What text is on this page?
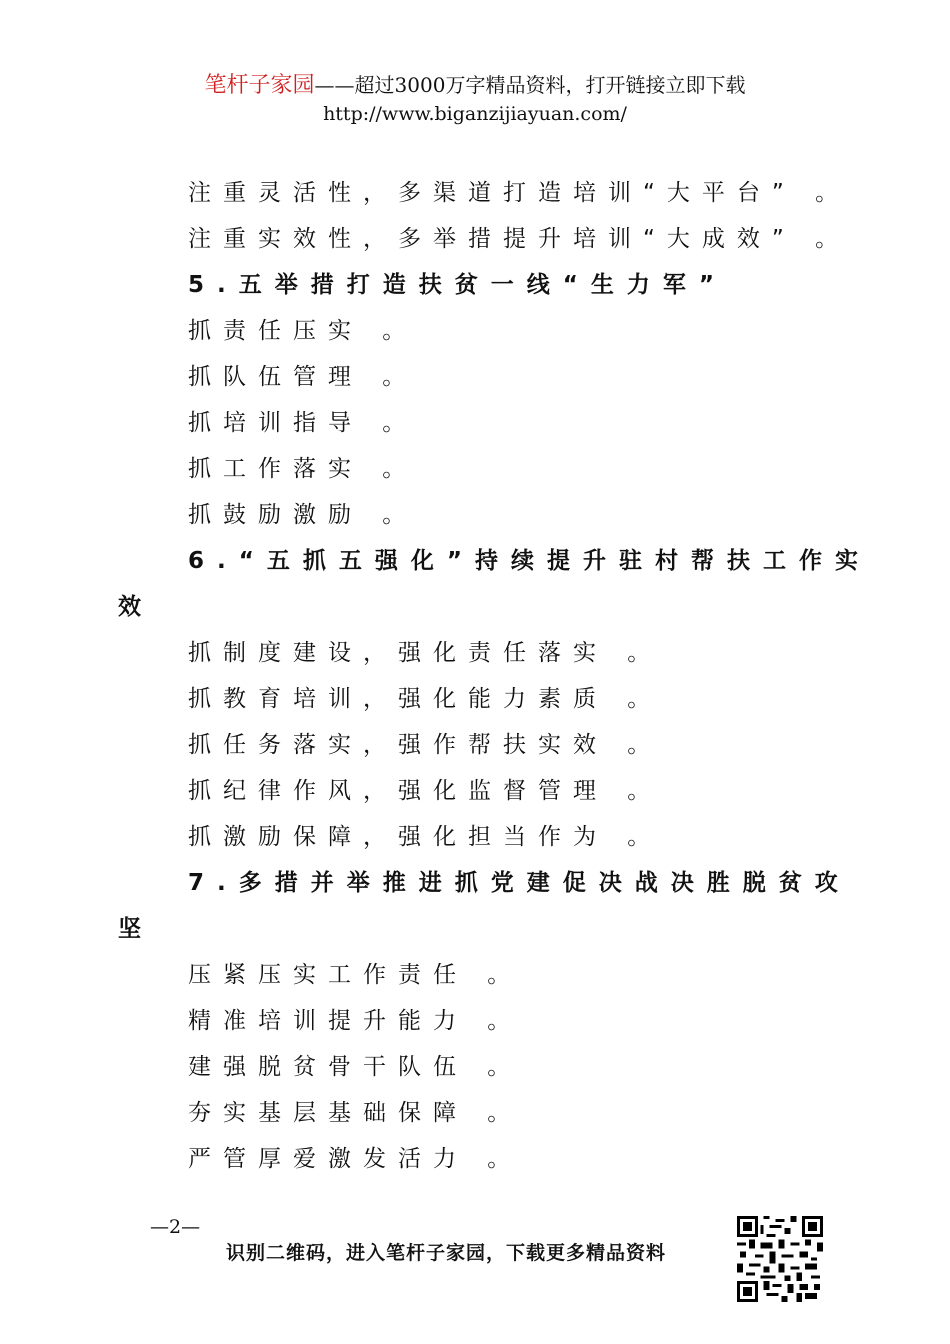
笔杆子家园——超过3000万字精品资料，打开链接立即下载
http://www.biganzijiayuan.com/
注重灵活性，多渠道打造培训“大平台” 。
注重实效性，多举措提升培训“大成效” 。
5.五举措打造扶贫一线“生力军”
抓责任压实 。
抓队伍管理 。
抓培训指导 。
抓工作落实 。
抓鼓励激励 。
6.“五抓五强化”持续提升驻村帮扶工作实
效
抓制度建设，强化责任落实 。
抓教育培训，强化能力素质 。
抓任务落实，强作帮扶实效 。
抓纪律作风，强化监督管理 。
抓激励保障，强化担当作为 。
7.多措并举推进抓党建促决战决胜脱贫攻
坚
压紧压实工作责任 。
精准培训提升能力 。
建强脱贫骨干队伍 。
夯实基层基础保障 。
严管厚爱激发活力 。
—2—
识别二维码，进入笔杆子家园，下载更多精品资料
